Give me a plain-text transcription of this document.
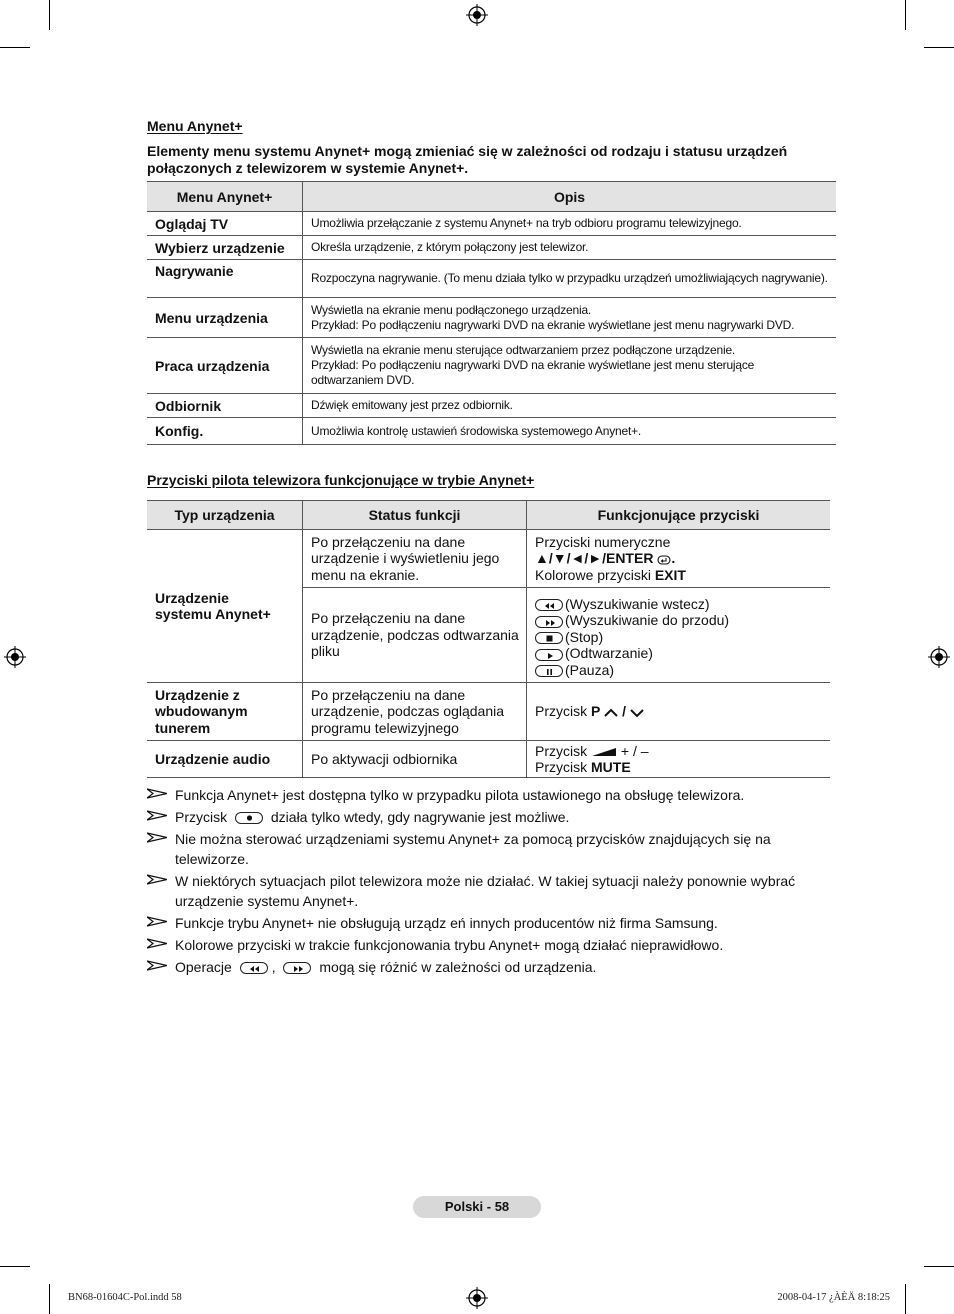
Menu Anynet+
Elementy menu systemu Anynet+ mogą zmieniać się w zależności od rodzaju i statusu urządzeń połączonych z telewizorem w systemie Anynet+.
Menu Anynet+	Opis
Oglądaj TV	Umożliwia przełączanie z systemu Anynet+ na tryb odbioru programu telewizyjnego.
Wybierz urządzenie	Określa urządzenie, z którym połączony jest telewizor.
Nagrywanie	Rozpoczyna nagrywanie. (To menu działa tylko w przypadku urządzeń umożliwiających nagrywanie).
Menu urządzenia	Wyświetla na ekranie menu podłączonego urządzenia.
Przykład: Po podłączeniu nagrywarki DVD na ekranie wyświetlane jest menu nagrywarki DVD.

Praca urządzenia	Wyświetla na ekranie menu sterujące odtwarzaniem przez podłączone urządzenie.
Przykład: Po podłączeniu nagrywarki DVD na ekranie wyświetlane jest menu sterujące odtwarzaniem DVD.

Odbiornik	Dźwięk emitowany jest przez odbiornik.
Konfig.	Umożliwia kontrolę ustawień środowiska systemowego Anynet+.
Przyciski pilota telewizora funkcjonujące w trybie Anynet+
Typ urządzenia	Status funkcji	Funkcjonujące przyciski
Urządzenie systemu Anynet+	Po przełączeniu na dane urządzenie i wyświetleniu jego menu na ekranie.	Przyciski numeryczne
▲/▼/◄/►/ENTER .
Kolorowe przyciski EXIT

	Po przełączeniu na dane urządzenie, podczas odtwarzania pliku	(Wyszukiwanie wstecz)
(Wyszukiwanie do przodu)
(Stop)
(Odtwarzanie)
(Pauza)

Urządzenie z wbudowanym tunerem	Po przełączeniu na dane urządzenie, podczas oglądania programu telewizyjnego	Przycisk P /
Urządzenie audio	Po aktywacji odbiornika	Przycisk  + / –
Przycisk MUTE
Funkcja Anynet+ jest dostępna tylko w przypadku pilota ustawionego na obsługę telewizora.
Przycisk	działa tylko wtedy, gdy nagrywanie jest możliwe.
Nie można sterować urządzeniami systemu Anynet+ za pomocą przycisków znajdujących się na telewizorze.
W niektórych sytuacjach pilot telewizora może nie działać. W takiej sytuacji należy ponownie wybrać urządzenie systemu Anynet+.
Funkcje trybu Anynet+ nie obsługują urządz eń innych producentów niż firma Samsung.
Kolorowe przyciski w trakcie funkcjonowania trybu Anynet+ mogą działać nieprawidłowo.
Operacje	,	mogą się różnić w zależności od urządzenia.
Polski - 58
BN68-01604C-Pol.indd 58	2008-04-17 ¿ÀÈÄ 8:18:25
